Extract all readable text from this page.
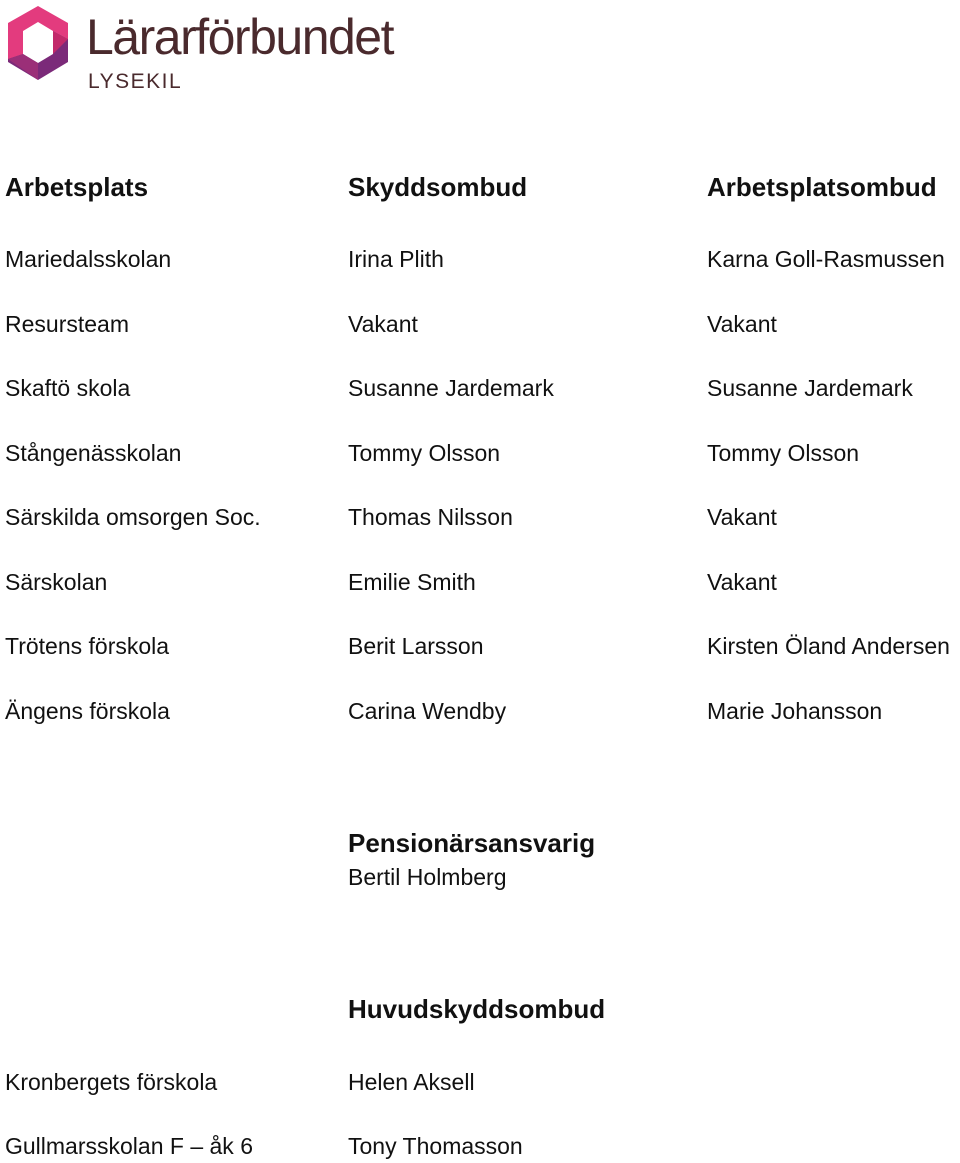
Lärarförbundet
LYSEKIL
Arbetsplats	Skyddsombud	Arbetsplatsombud
Mariedalsskolan	Irina Plith	Karna Goll-Rasmussen
Resursteam	Vakant	Vakant
Skaftö skola	Susanne Jardemark	Susanne Jardemark
Stångenässkolan	Tommy Olsson	Tommy Olsson
Särskilda omsorgen Soc.	Thomas Nilsson	Vakant
Särskolan	Emilie Smith	Vakant
Trötens förskola	Berit Larsson	Kirsten Öland Andersen
Ängens förskola	Carina Wendby	Marie Johansson
Pensionärsansvarig
Bertil Holmberg
Huvudskyddsombud
Kronbergets förskola	Helen Aksell
Gullmarsskolan F – åk 6	Tony Thomasson
